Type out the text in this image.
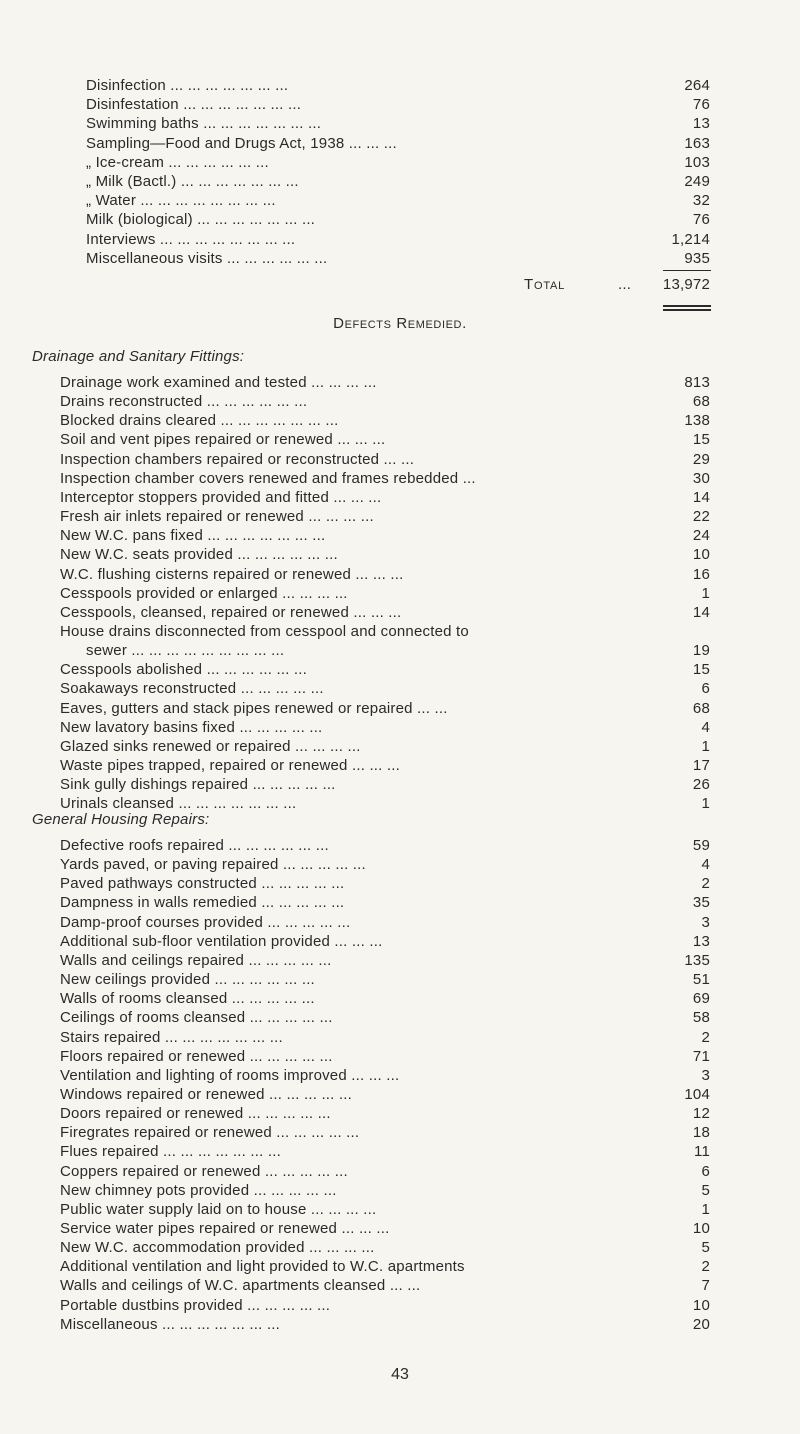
Disinfection ... ... ... ... ... ... ...	264
Disinfestation ... ... ... ... ... ... ...	76
Swimming baths ... ... ... ... ... ... ...	13
Sampling—Food and Drugs Act, 1938 ... ... ...	163
„ Ice-cream ... ... ... ... ... ...	103
„ Milk (Bactl.) ... ... ... ... ... ... ...	249
„ Water ... ... ... ... ... ... ... ...	32
Milk (biological) ... ... ... ... ... ... ...	76
Interviews ... ... ... ... ... ... ... ...	1,214
Miscellaneous visits ... ... ... ... ... ...	935
Total	... 13,972
Defects Remedied.
Drainage and Sanitary Fittings:
Drainage work examined and tested ... ... ... ...	813
Drains reconstructed ... ... ... ... ... ...	68
Blocked drains cleared ... ... ... ... ... ... ...	138
Soil and vent pipes repaired or renewed ... ... ...	15
Inspection chambers repaired or reconstructed ... ...	29
Inspection chamber covers renewed and frames rebedded ...	30
Interceptor stoppers provided and fitted ... ... ...	14
Fresh air inlets repaired or renewed ... ... ... ...	22
New W.C. pans fixed ... ... ... ... ... ... ...	24
New W.C. seats provided ... ... ... ... ... ...	10
W.C. flushing cisterns repaired or renewed ... ... ...	16
Cesspools provided or enlarged ... ... ... ...	1
Cesspools, cleansed, repaired or renewed ... ... ...	14
House drains disconnected from cesspool and connected to
sewer ... ... ... ... ... ... ... ... ...	19
Cesspools abolished ... ... ... ... ... ...	15
Soakaways reconstructed ... ... ... ... ...	6
Eaves, gutters and stack pipes renewed or repaired ... ...	68
New lavatory basins fixed ... ... ... ... ...	4
Glazed sinks renewed or repaired ... ... ... ...	1
Waste pipes trapped, repaired or renewed ... ... ...	17
Sink gully dishings repaired ... ... ... ... ...	26
Urinals cleansed ... ... ... ... ... ... ...	1
General Housing Repairs:
Defective roofs repaired ... ... ... ... ... ...	59
Yards paved, or paving repaired ... ... ... ... ...	4
Paved pathways constructed ... ... ... ... ...	2
Dampness in walls remedied ... ... ... ... ...	35
Damp-proof courses provided ... ... ... ... ...	3
Additional sub-floor ventilation provided ... ... ...	13
Walls and ceilings repaired ... ... ... ... ...	135
New ceilings provided ... ... ... ... ... ...	51
Walls of rooms cleansed ... ... ... ... ...	69
Ceilings of rooms cleansed ... ... ... ... ...	58
Stairs repaired ... ... ... ... ... ... ...	2
Floors repaired or renewed ... ... ... ... ...	71
Ventilation and lighting of rooms improved ... ... ...	3
Windows repaired or renewed ... ... ... ... ...	104
Doors repaired or renewed ... ... ... ... ...	12
Firegrates repaired or renewed ... ... ... ... ...	18
Flues repaired ... ... ... ... ... ... ...	11
Coppers repaired or renewed ... ... ... ... ...	6
New chimney pots provided ... ... ... ... ...	5
Public water supply laid on to house ... ... ... ...	1
Service water pipes repaired or renewed ... ... ...	10
New W.C. accommodation provided ... ... ... ...	5
Additional ventilation and light provided to W.C. apartments	2
Walls and ceilings of W.C. apartments cleansed ... ...	7
Portable dustbins provided ... ... ... ... ...	10
Miscellaneous ... ... ... ... ... ... ...	20
43
